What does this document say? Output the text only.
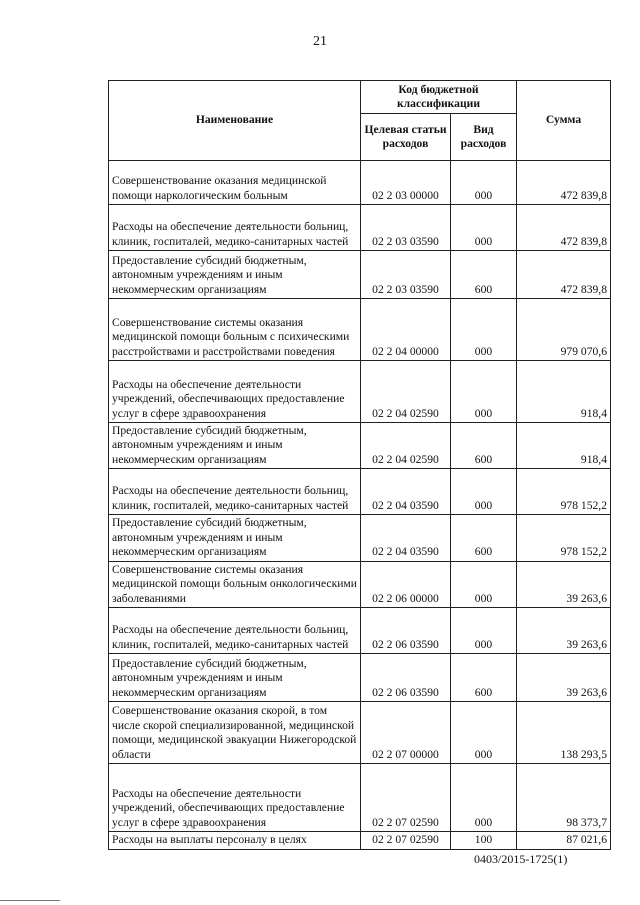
21
Наименование	Код бюджетной классификации		Сумма
	Целевая статьи расходов	Вид расходов	
Совершенствование оказания медицинской помощи наркологическим больным	02 2 03 00000	000	472 839,8
Расходы на обеспечение деятельности больниц, клиник, госпиталей, медико-санитарных частей	02 2 03 03590	000	472 839,8
Предоставление субсидий бюджетным, автономным учреждениям и иным некоммерческим организациям	02 2 03 03590	600	472 839,8
Совершенствование системы оказания медицинской помощи больным с психическими расстройствами и расстройствами поведения	02 2 04 00000	000	979 070,6
Расходы на обеспечение деятельности учреждений, обеспечивающих предоставление услуг в сфере здравоохранения	02 2 04 02590	000	918,4
Предоставление субсидий бюджетным, автономным учреждениям и иным некоммерческим организациям	02 2 04 02590	600	918,4
Расходы на обеспечение деятельности больниц, клиник, госпиталей, медико-санитарных частей	02 2 04 03590	000	978 152,2
Предоставление субсидий бюджетным, автономным учреждениям и иным некоммерческим организациям	02 2 04 03590	600	978 152,2
Совершенствование системы оказания медицинской помощи больным онкологическими заболеваниями	02 2 06 00000	000	39 263,6
Расходы на обеспечение деятельности больниц, клиник, госпиталей, медико-санитарных частей	02 2 06 03590	000	39 263,6
Предоставление субсидий бюджетным, автономным учреждениям и иным некоммерческим организациям	02 2 06 03590	600	39 263,6
Совершенствование оказания скорой, в том числе скорой специализированной, медицинской помощи, медицинской эвакуации Нижегородской области	02 2 07 00000	000	138 293,5
Расходы на обеспечение деятельности учреждений, обеспечивающих предоставление услуг в сфере здравоохранения	02 2 07 02590	000	98 373,7
Расходы на выплаты персоналу в целях	02 2 07 02590	100	87 021,6
0403/2015-1725(1)
